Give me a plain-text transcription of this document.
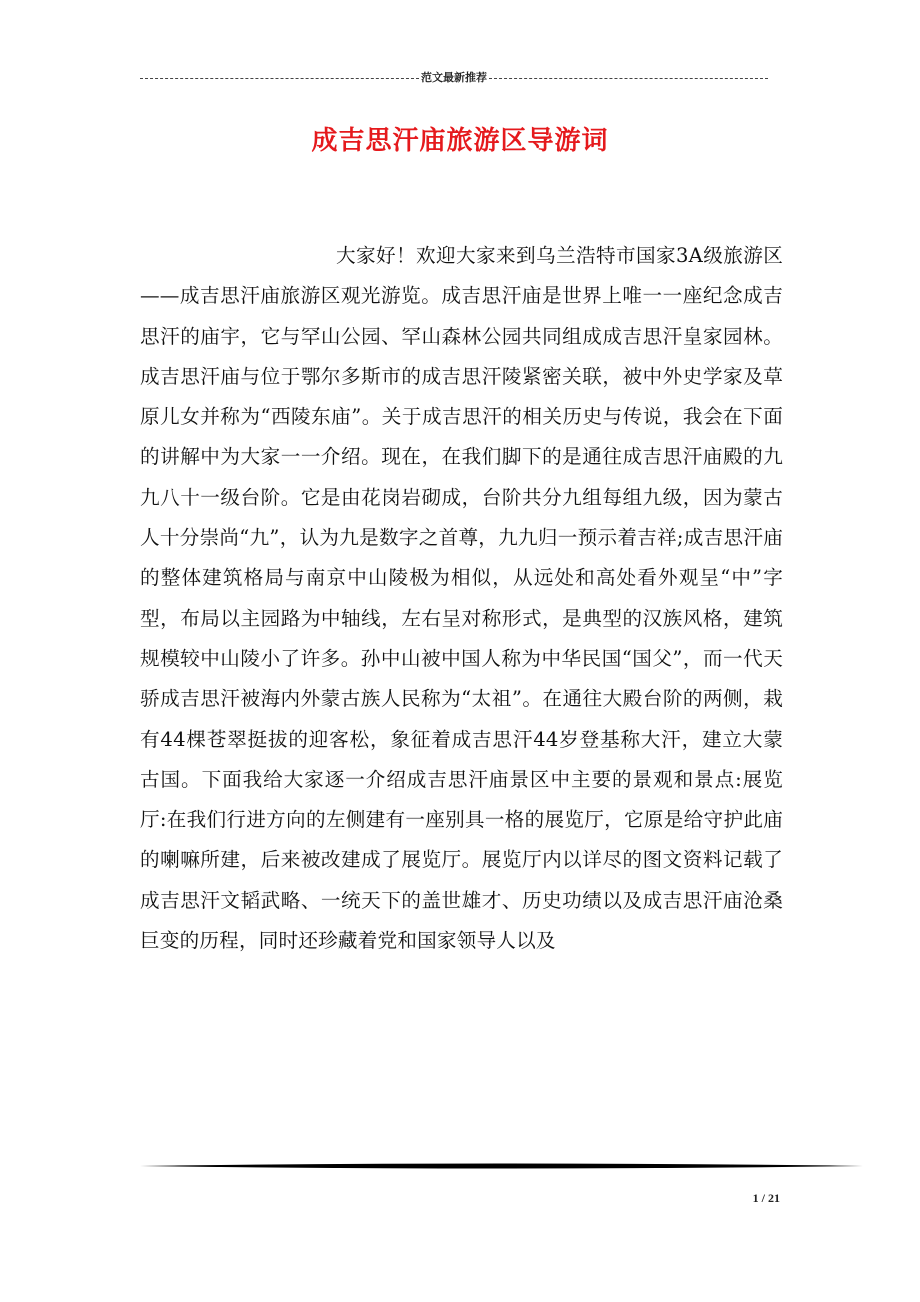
范文最新推荐
成吉思汗庙旅游区导游词

大家好！欢迎大家来到乌兰浩特市国家3A级旅游区——成吉思汗庙旅游区观光游览。成吉思汗庙是世界上唯一一座纪念成吉思汗的庙宇，它与罕山公园、罕山森林公园共同组成成吉思汗皇家园林。成吉思汗庙与位于鄂尔多斯市的成吉思汗陵紧密关联，被中外史学家及草原儿女并称为“西陵东庙”。关于成吉思汗的相关历史与传说，我会在下面的讲解中为大家一一介绍。现在，在我们脚下的是通往成吉思汗庙殿的九九八十一级台阶。它是由花岗岩砌成，台阶共分九组每组九级，因为蒙古人十分崇尚“九”，认为九是数字之首尊，九九归一预示着吉祥;成吉思汗庙的整体建筑格局与南京中山陵极为相似，从远处和高处看外观呈“中”字型，布局以主园路为中轴线，左右呈对称形式，是典型的汉族风格，建筑规模较中山陵小了许多。孙中山被中国人称为中华民国“国父”，而一代天骄成吉思汗被海内外蒙古族人民称为“太祖”。在通往大殿台阶的两侧，栽有44棵苍翠挺拔的迎客松，象征着成吉思汗44岁登基称大汗，建立大蒙古国。下面我给大家逐一介绍成吉思汗庙景区中主要的景观和景点:展览厅:在我们行进方向的左侧建有一座别具一格的展览厅，它原是给守护此庙的喇嘛所建，后来被改建成了展览厅。展览厅内以详尽的图文资料记载了成吉思汗文韬武略、一统天下的盖世雄才、历史功绩以及成吉思汗庙沧桑巨变的历程，同时还珍藏着党和国家领导人以及

1 / 21
